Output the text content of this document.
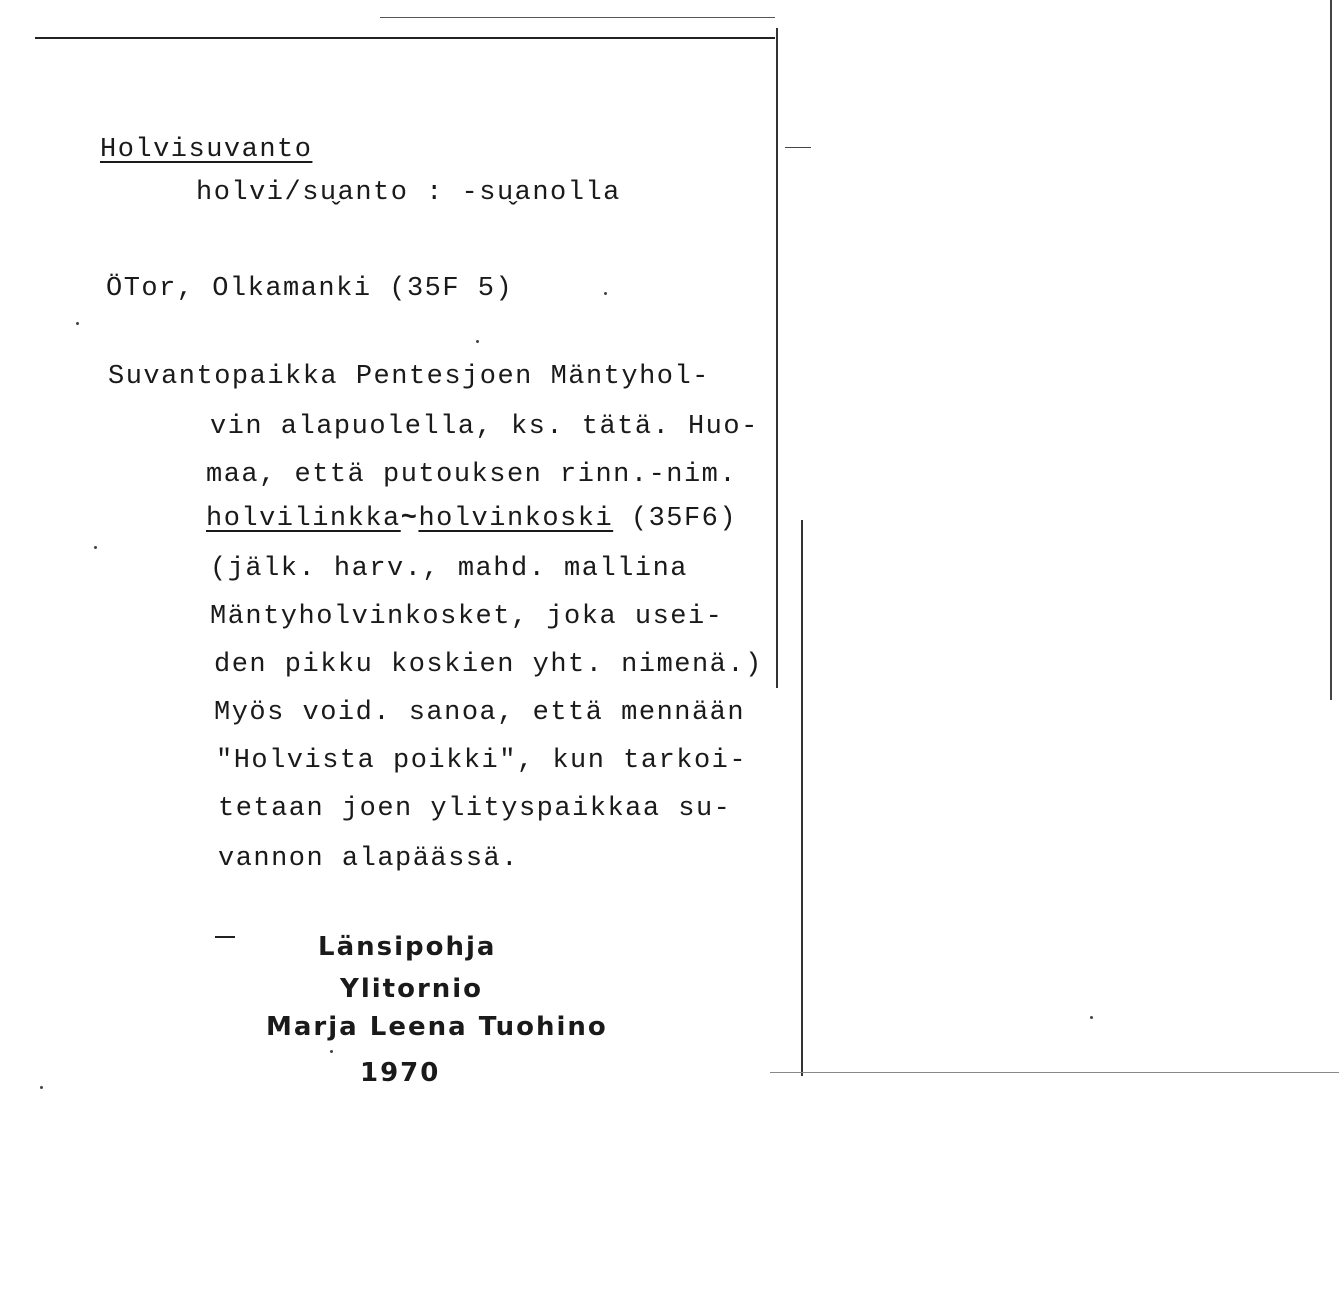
Holvisuvanto
holvi/su̬anto : -su̬anolla
ÖTor, Olkamanki (35F 5)
Suvantopaikka Pentesjoen Mäntyhol-
vin alapuolella, ks. tätä. Huo-
maa, että putouksen rinn.-nim.
holvilinkka~holvinkoski (35F6)
(jälk. harv., mahd. mallina
Mäntyholvinkosket, joka usei-
den pikku koskien yht. nimenä.)
Myös void. sanoa, että mennään
"Holvista poikki", kun tarkoi-
tetaan joen ylityspaikkaa su-
vannon alapäässä.
Länsipohja
Ylitornio
Marja Leena Tuohino
1970
